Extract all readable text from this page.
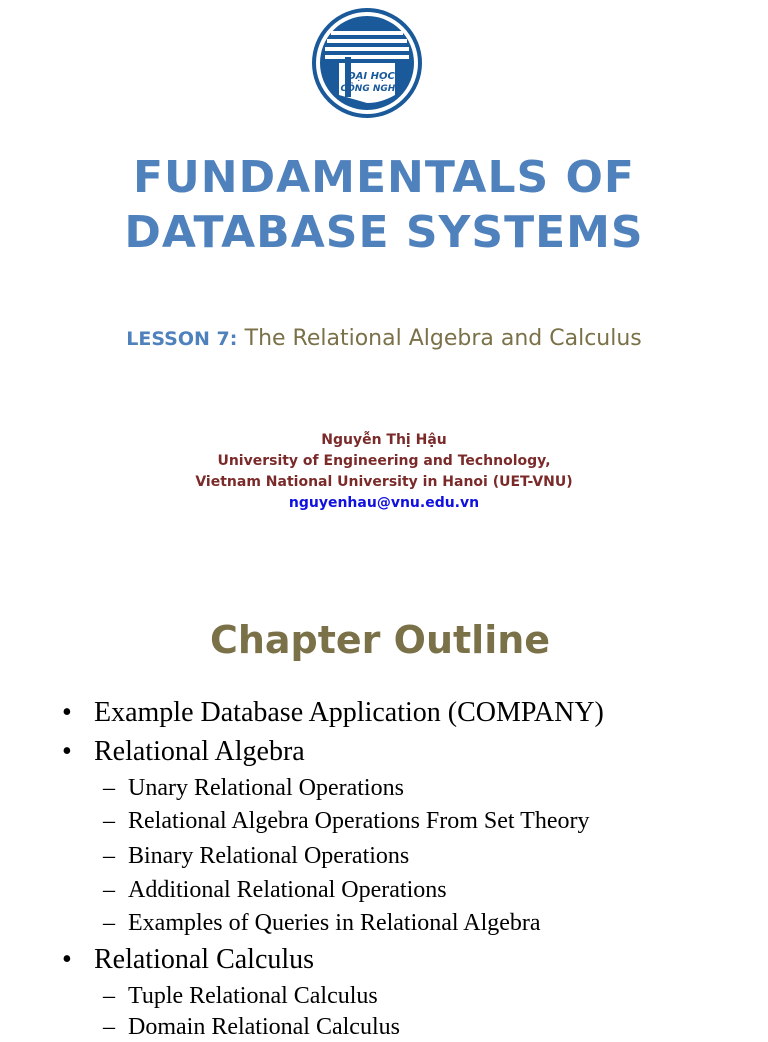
ĐẠI HỌC
CÔNG NGHỆ
FUNDAMENTALS OF
DATABASE SYSTEMS

LESSON 7: The Relational Algebra and Calculus

Nguyễn Thị Hậu
University of Engineering and Technology,
Vietnam National University in Hanoi (UET-VNU)
nguyenhau@vnu.edu.vn
Chapter Outline
• Example Database Application (COMPANY)
• Relational Algebra
– Unary Relational Operations
– Relational Algebra Operations From Set Theory
– Binary Relational Operations
– Additional Relational Operations
– Examples of Queries in Relational Algebra
• Relational Calculus
– Tuple Relational Calculus
– Domain Relational Calculus
